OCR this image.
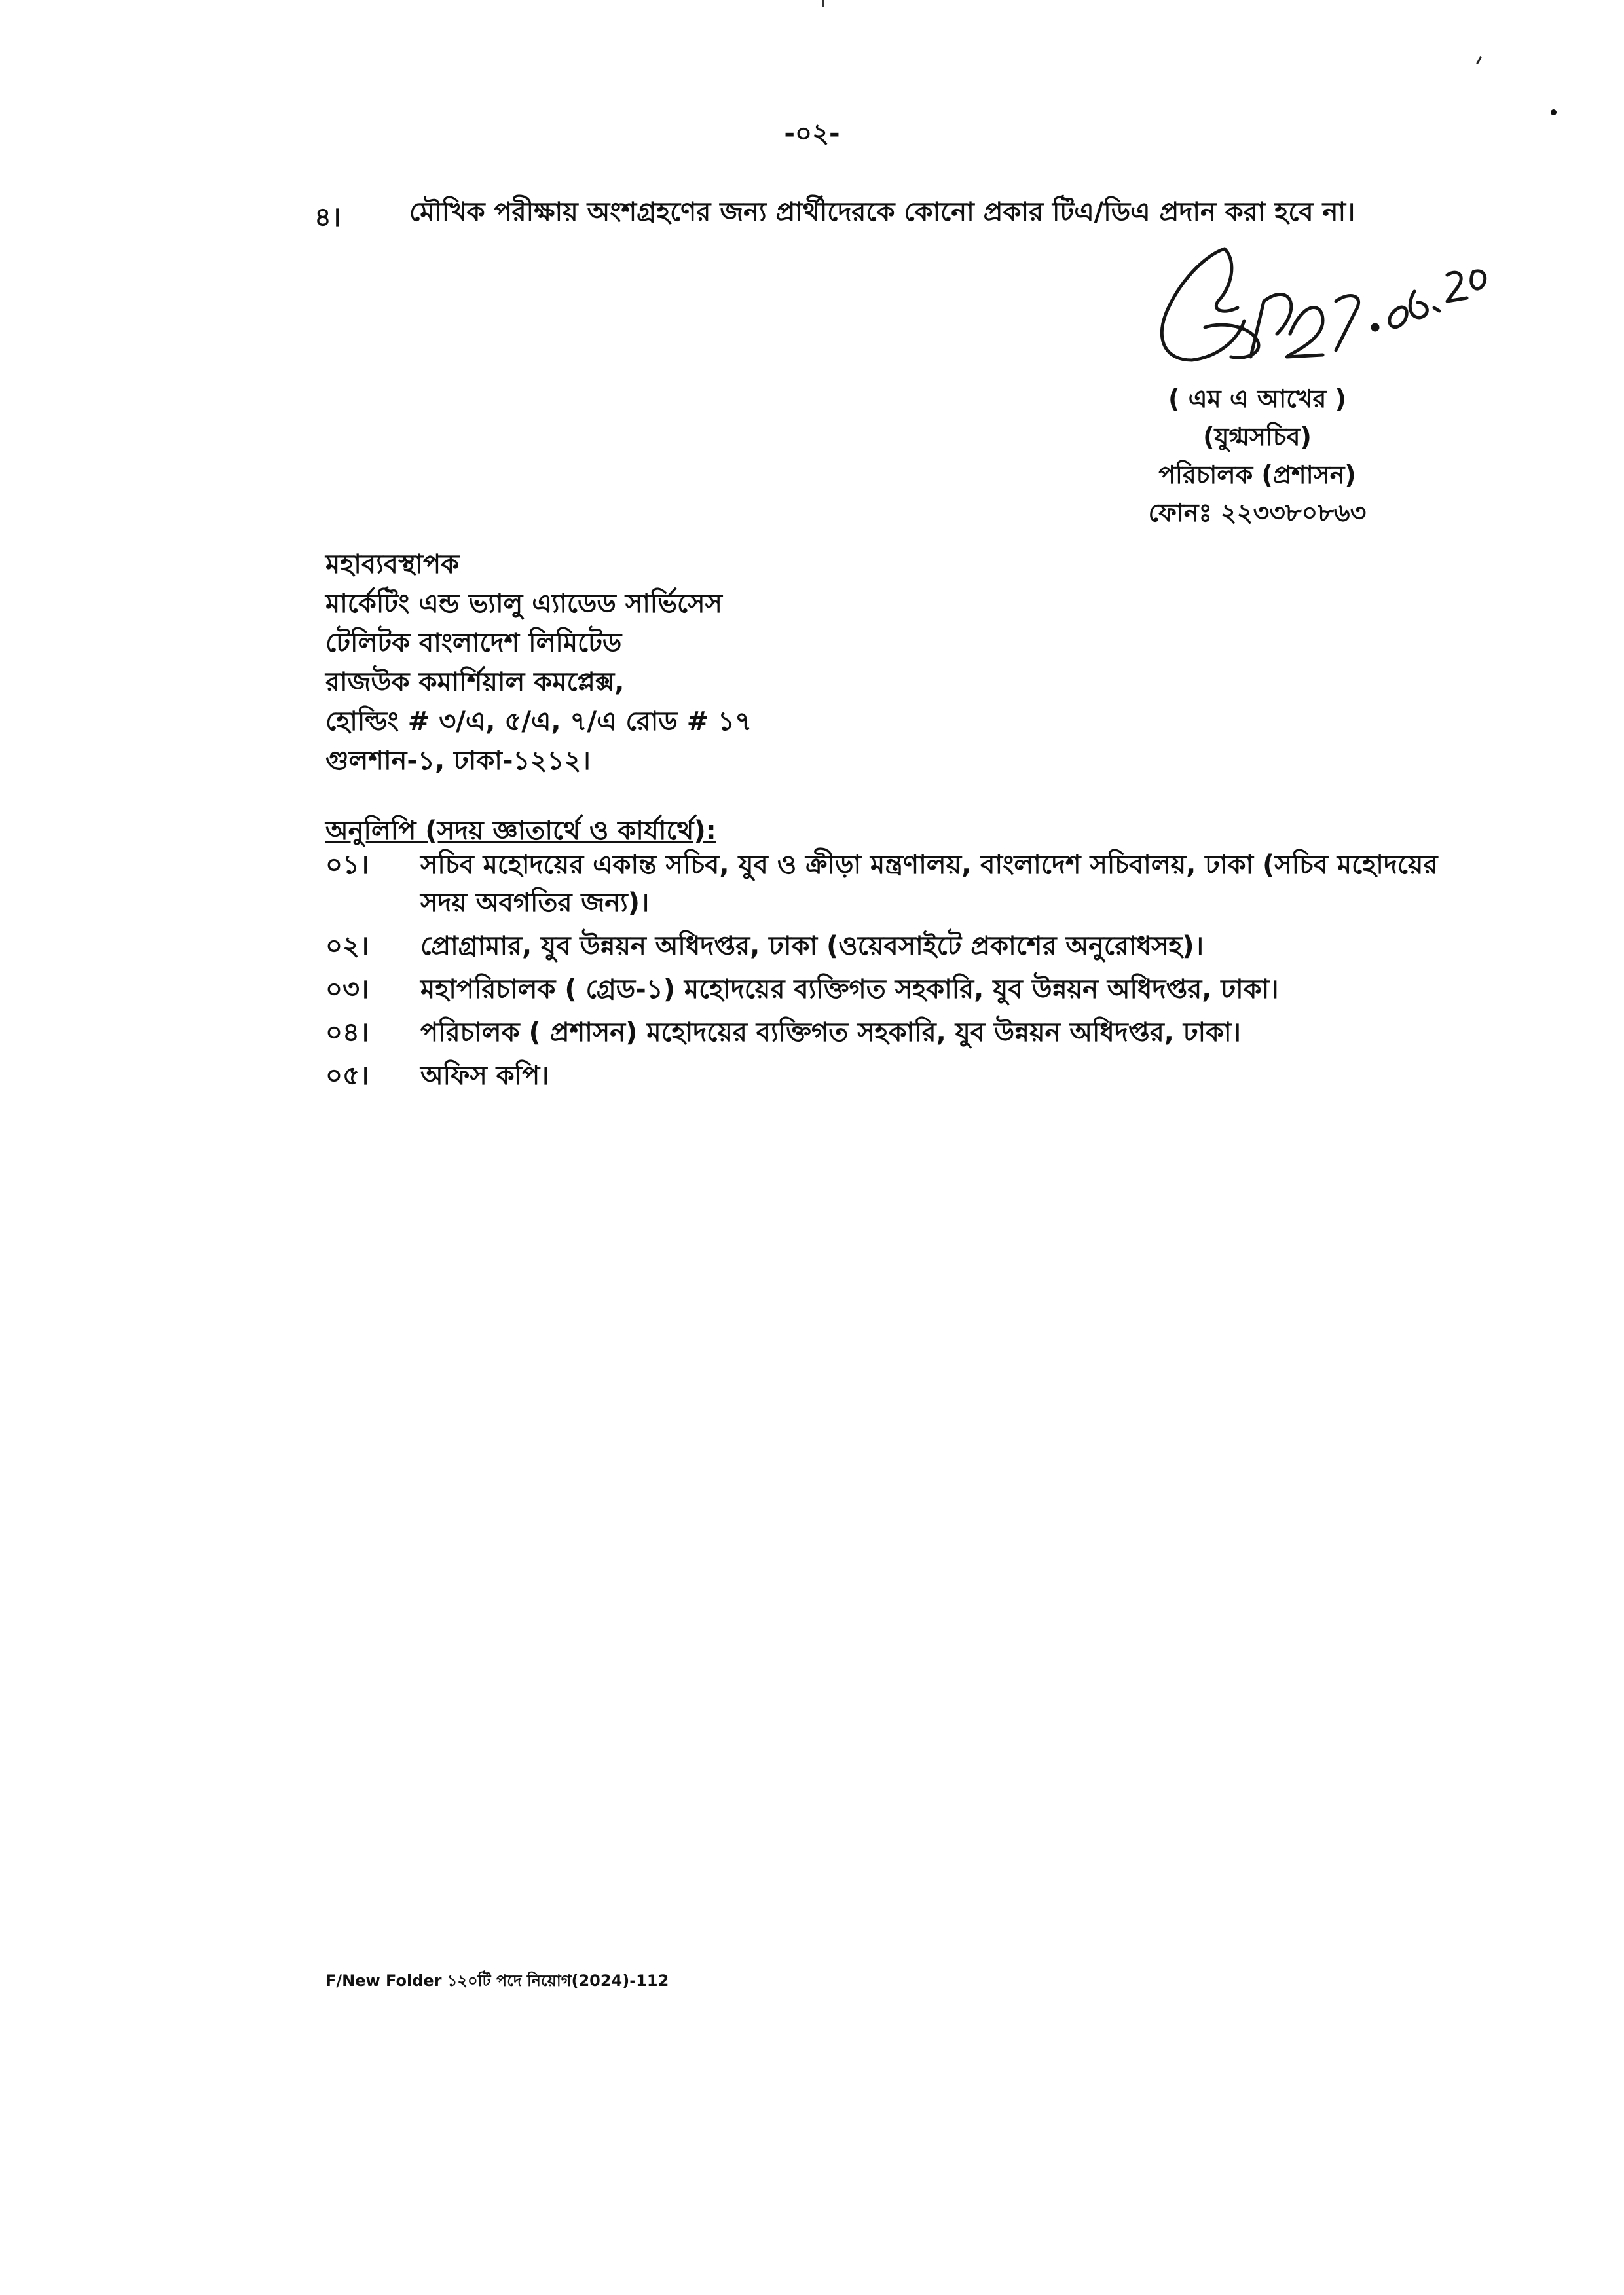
-০২-
৪।	মৌখিক পরীক্ষায় অংশগ্রহণের জন্য প্রার্থীদেরকে কোনো প্রকার টিএ/ডিএ প্রদান করা হবে না।
( এম এ আখের )
(যুগ্মসচিব)
পরিচালক (প্রশাসন)
ফোনঃ ২২৩৩৮০৮৬৩
মহাব্যবস্থাপক
মার্কেটিং এন্ড ভ্যালু এ্যাডেড সার্ভিসেস
টেলিটক বাংলাদেশ লিমিটেড
রাজউক কমার্শিয়াল কমপ্লেক্স,
হোল্ডিং # ৩/এ, ৫/এ, ৭/এ রোড # ১৭
গুলশান-১, ঢাকা-১২১২।
অনুলিপি (সদয় জ্ঞাতার্থে ও কার্যার্থে):
০১।	সচিব মহোদয়ের একান্ত সচিব, যুব ও ক্রীড়া মন্ত্রণালয়, বাংলাদেশ সচিবালয়, ঢাকা (সচিব মহোদয়ের সদয় অবগতির জন্য)।
০২।	প্রোগ্রামার, যুব উন্নয়ন অধিদপ্তর, ঢাকা (ওয়েবসাইটে প্রকাশের অনুরোধসহ)।
০৩।	মহাপরিচালক ( গ্রেড-১) মহোদয়ের ব্যক্তিগত সহকারি, যুব উন্নয়ন অধিদপ্তর, ঢাকা।
০৪।	পরিচালক ( প্রশাসন) মহোদয়ের ব্যক্তিগত সহকারি, যুব উন্নয়ন অধিদপ্তর, ঢাকা।
০৫।	অফিস কপি।
F/New Folder ১২০টি পদে নিয়োগ(2024)-112
